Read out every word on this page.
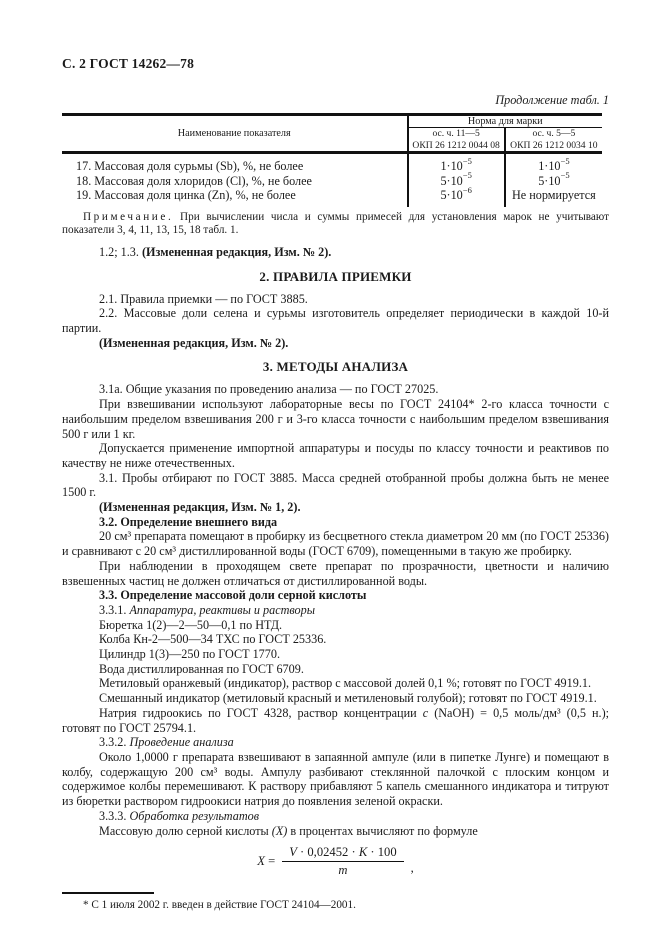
С. 2 ГОСТ 14262—78
Продолжение табл. 1
Наименование показателя	Норма для марки	

ос. ч. 11—5
ОКП 26 1212 0044 08

ос. ч. 5—5
ОКП 26 1212 0034 10

17. Массовая доля сурьмы (Sb), %, не более	$1\cdot 10^{-5}$	$1\cdot 10^{-5}$
18. Массовая доля хлоридов (Cl), %, не более	$5\cdot 10^{-5}$	$5\cdot 10^{-5}$
19. Массовая доля цинка (Zn), %, не более	$5\cdot 10^{-6}$	Не нормируется

Примечание. При вычислении числа и суммы примесей для установления марок не учитывают показатели 3, 4, 11, 13, 15, 18 табл. 1.

1.2; 1.3. (Измененная редакция, Изм. № 2).

2. ПРАВИЛА ПРИЕМКИ

2.1. Правила приемки — по ГОСТ 3885.

2.2. Массовые доли селена и сурьмы изготовитель определяет периодически в каждой 10-й партии.

(Измененная редакция, Изм. № 2).

3. МЕТОДЫ АНАЛИЗА

3.1а. Общие указания по проведению анализа — по ГОСТ 27025.

При взвешивании используют лабораторные весы по ГОСТ 24104* 2-го класса точности с наибольшим пределом взвешивания 200 г и 3-го класса точности с наибольшим пределом взвешивания 500 г или 1 кг.

Допускается применение импортной аппаратуры и посуды по классу точности и реактивов по качеству не ниже отечественных.

3.1. Пробы отбирают по ГОСТ 3885. Масса средней отобранной пробы должна быть не менее 1500 г.

(Измененная редакция, Изм. № 1, 2).

3.2. Определение внешнего вида

20 см³ препарата помещают в пробирку из бесцветного стекла диаметром 20 мм (по ГОСТ 25336) и сравнивают с 20 см³ дистиллированной воды (ГОСТ 6709), помещенными в такую же пробирку.

При наблюдении в проходящем свете препарат по прозрачности, цветности и наличию взвешенных частиц не должен отличаться от дистиллированной воды.

3.3. Определение массовой доли серной кислоты

3.3.1. Аппаратура, реактивы и растворы

Бюретка 1(2)—2—50—0,1 по НТД.

Колба Кн-2—500—34 ТХС по ГОСТ 25336.

Цилиндр 1(3)—250 по ГОСТ 1770.

Вода дистиллированная по ГОСТ 6709.

Метиловый оранжевый (индикатор), раствор с массовой долей 0,1 %; готовят по ГОСТ 4919.1.

Смешанный индикатор (метиловый красный и метиленовый голубой); готовят по ГОСТ 4919.1.

Натрия гидроокись по ГОСТ 4328, раствор концентрации c (NaOH) = 0,5 моль/дм³ (0,5 н.); готовят по ГОСТ 25794.1.

3.3.2. Проведение анализа

Около 1,0000 г препарата взвешивают в запаянной ампуле (или в пипетке Лунге) и помещают в колбу, содержащую 200 см³ воды. Ампулу разбивают стеклянной палочкой с плоским концом и содержимое колбы перемешивают. К раствору прибавляют 5 капель смешанного индикатора и титруют из бюретки раствором гидроокиси натрия до появления зеленой окраски.

3.3.3. Обработка результатов

Массовую долю серной кислоты (X) в процентах вычисляют по формуле

$X = \frac{V \cdot 0,02452 \cdot K \cdot 100}{m}$ ,

* С 1 июля 2002 г. введен в действие ГОСТ 24104—2001.
